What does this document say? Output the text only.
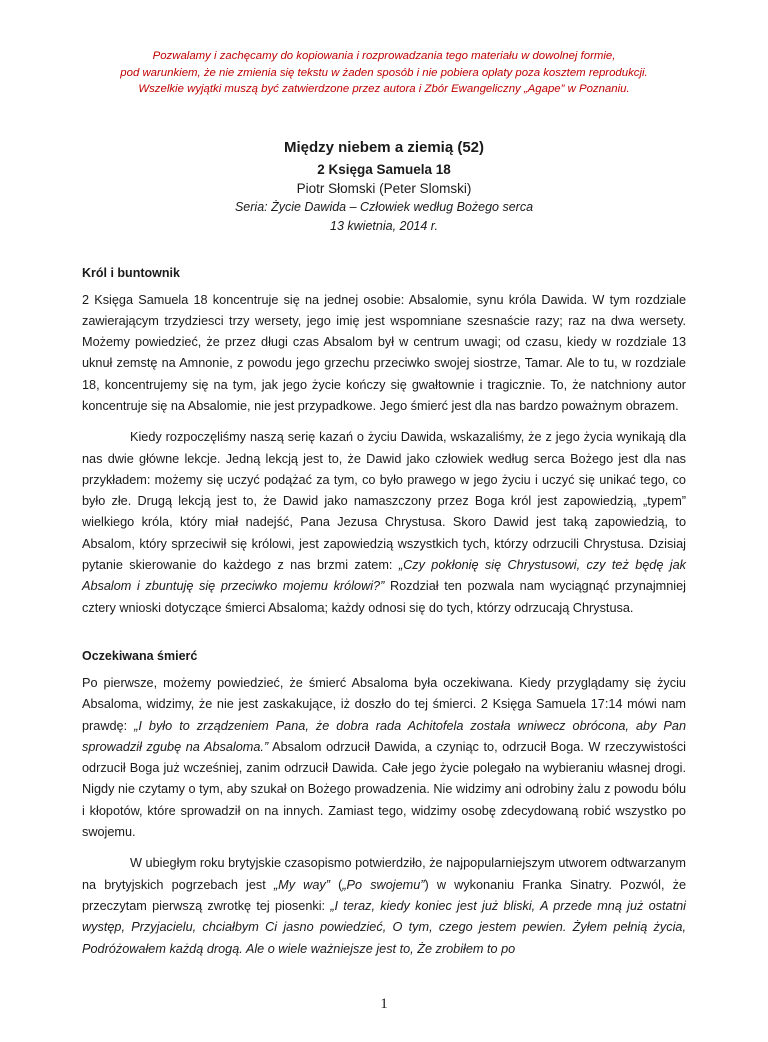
Pozwalamy i zachęcamy do kopiowania i rozprowadzania tego materiału w dowolnej formie,
pod warunkiem, że nie zmienia się tekstu w żaden sposób i nie pobiera opłaty poza kosztem reprodukcji.
Wszelkie wyjątki muszą być zatwierdzone przez autora i Zbór Ewangeliczny „Agape” w Poznaniu.
Między niebem a ziemią (52)
2 Księga Samuela 18
Piotr Słomski (Peter Slomski)
Seria: Życie Dawida – Człowiek według Bożego serca
13 kwietnia, 2014 r.
Król i buntownik

2 Księga Samuela 18 koncentruje się na jednej osobie: Absalomie, synu króla Dawida. W tym rozdziale zawierającym trzydziesci trzy wersety, jego imię jest wspomniane szesnaście razy; raz na dwa wersety. Możemy powiedzieć, że przez długi czas Absalom był w centrum uwagi; od czasu, kiedy w rozdziale 13 uknuł zemstę na Amnonie, z powodu jego grzechu przeciwko swojej siostrze, Tamar. Ale to tu, w rozdziale 18, koncentrujemy się na tym, jak jego życie kończy się gwałtownie i tragicznie. To, że natchniony autor koncentruje się na Absalomie, nie jest przypadkowe. Jego śmierć jest dla nas bardzo poważnym obrazem.

Kiedy rozpoczęliśmy naszą serię kazań o życiu Dawida, wskazaliśmy, że z jego życia wynikają dla nas dwie główne lekcje. Jedną lekcją jest to, że Dawid jako człowiek według serca Bożego jest dla nas przykładem: możemy się uczyć podążać za tym, co było prawego w jego życiu i uczyć się unikać tego, co było złe. Drugą lekcją jest to, że Dawid jako namaszczony przez Boga król jest zapowiedzią, „typem” wielkiego króla, który miał nadejść, Pana Jezusa Chrystusa. Skoro Dawid jest taką zapowiedzią, to Absalom, który sprzeciwił się królowi, jest zapowiedzią wszystkich tych, którzy odrzucili Chrystusa. Dzisiaj pytanie skierowanie do każdego z nas brzmi zatem: „Czy pokłonię się Chrystusowi, czy też będę jak Absalom i zbuntuję się przeciwko mojemu królowi?” Rozdział ten pozwala nam wyciągnąć przynajmniej cztery wnioski dotyczące śmierci Absaloma; każdy odnosi się do tych, którzy odrzucają Chrystusa.

Oczekiwana śmierć

Po pierwsze, możemy powiedzieć, że śmierć Absaloma była oczekiwana. Kiedy przyglądamy się życiu Absaloma, widzimy, że nie jest zaskakujące, iż doszło do tej śmierci. 2 Księga Samuela 17:14 mówi nam prawdę: „I było to zrządzeniem Pana, że dobra rada Achitofela została wniwecz obrócona, aby Pan sprowadził zgubę na Absaloma.” Absalom odrzucił Dawida, a czyniąc to, odrzucił Boga. W rzeczywistości odrzucił Boga już wcześniej, zanim odrzucił Dawida. Całe jego życie polegało na wybieraniu własnej drogi. Nigdy nie czytamy o tym, aby szukał on Bożego prowadzenia. Nie widzimy ani odrobiny żalu z powodu bólu i kłopotów, które sprowadził on na innych. Zamiast tego, widzimy osobę zdecydowaną robić wszystko po swojemu.

W ubiegłym roku brytyjskie czasopismo potwierdziło, że najpopularniejszym utworem odtwarzanym na brytyjskich pogrzebach jest „My way” („Po swojemu”) w wykonaniu Franka Sinatry. Pozwól, że przeczytam pierwszą zwrotkę tej piosenki: „I teraz, kiedy koniec jest już bliski, A przede mną już ostatni występ, Przyjacielu, chciałbym Ci jasno powiedzieć, O tym, czego jestem pewien. Żyłem pełnią życia, Podróżowałem każdą drogą. Ale o wiele ważniejsze jest to, Że zrobiłem to po

1
